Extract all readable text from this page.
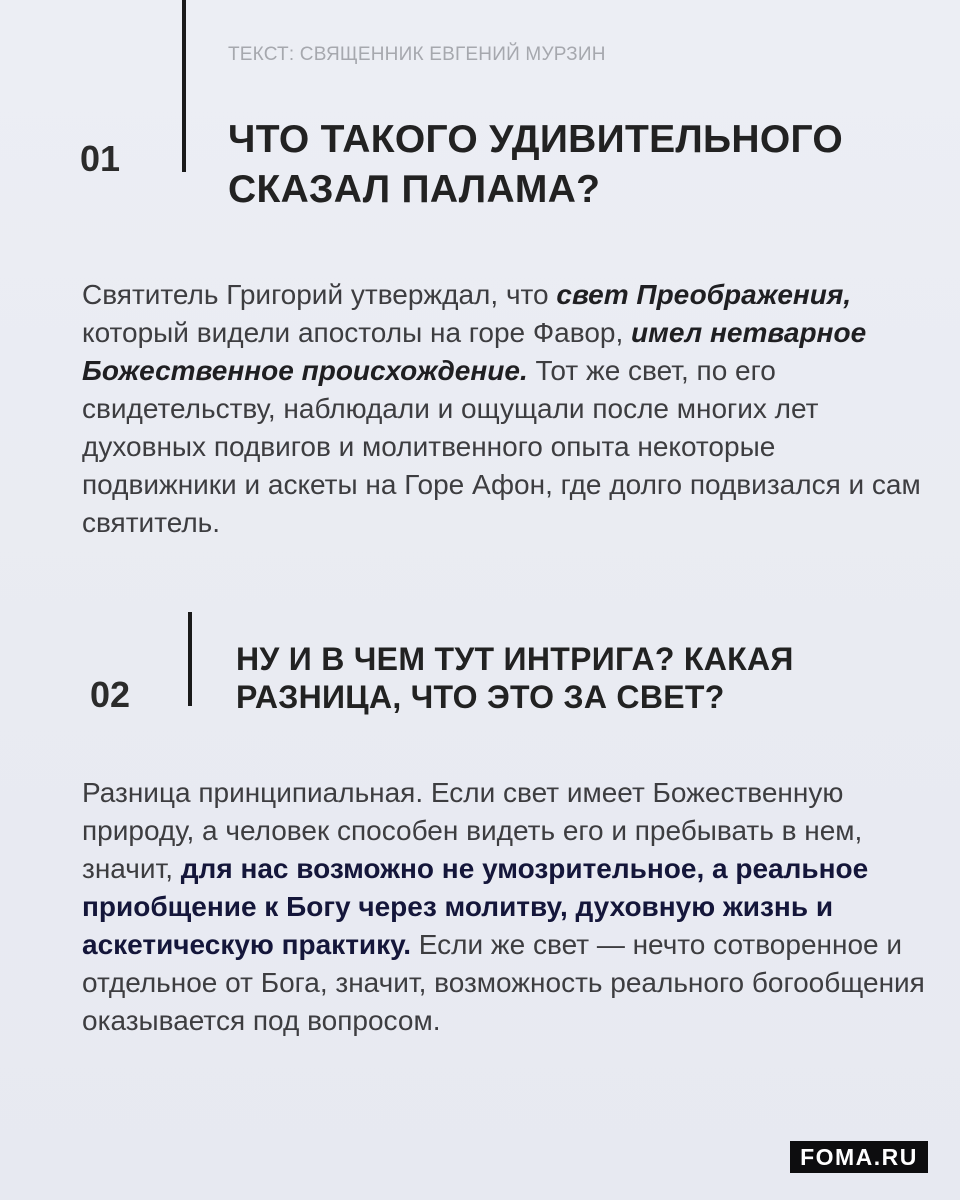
ТЕКСТ: СВЯЩЕННИК ЕВГЕНИЙ МУРЗИН
01	ЧТО ТАКОГО УДИВИТЕЛЬНОГО
СКАЗАЛ ПАЛАМА?
Святитель Григорий утверждал, что свет Преображения, который видели апостолы на горе Фавор, имел нетварное Божественное происхождение. Тот же свет, по его свидетельству, наблюдали и ощущали после многих лет духовных подвигов и молитвенного опыта некоторые подвижники и аскеты на Горе Афон, где долго подвизался и сам святитель.
02
НУ И В ЧЕМ ТУТ ИНТРИГА? КАКАЯ
РАЗНИЦА, ЧТО ЭТО ЗА СВЕТ?
Разница принципиальная. Если свет имеет Божественную природу, а человек способен видеть его и пребывать в нем, значит, для нас возможно не умозрительное, а реальное приобщение к Богу через молитву, духовную жизнь и аскетическую практику. Если же свет — нечто сотворенное и отдельное от Бога, значит, возможность реального богообщения оказывается под вопросом.
FOMA.RU
